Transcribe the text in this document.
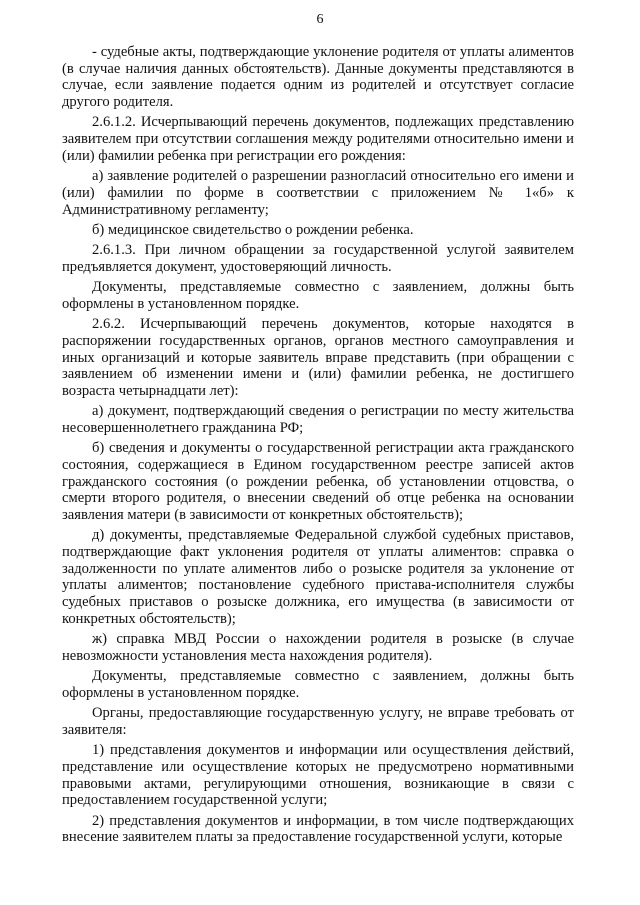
6

- судебные акты, подтверждающие уклонение родителя от уплаты алиментов (в случае наличия данных обстоятельств). Данные документы представляются в случае, если заявление подается одним из родителей и отсутствует согласие другого родителя.

2.6.1.2. Исчерпывающий перечень документов, подлежащих представлению заявителем при отсутствии соглашения между родителями относительно имени и (или) фамилии ребенка при регистрации его рождения:

а) заявление родителей о разрешении разногласий относительно его имени и (или) фамилии по форме в соответствии с приложением № 1«б» к Административному регламенту;

б) медицинское свидетельство о рождении ребенка.

2.6.1.3. При личном обращении за государственной услугой заявителем предъявляется документ, удостоверяющий личность.

Документы, представляемые совместно с заявлением, должны быть оформлены в установленном порядке.

2.6.2. Исчерпывающий перечень документов, которые находятся в распоряжении государственных органов, органов местного самоуправления и иных организаций и которые заявитель вправе представить (при обращении с заявлением об изменении имени и (или) фамилии ребенка, не достигшего возраста четырнадцати лет):

а) документ, подтверждающий сведения о регистрации по месту жительства несовершеннолетнего гражданина РФ;

б) сведения и документы о государственной регистрации акта гражданского состояния, содержащиеся в Едином государственном реестре записей актов гражданского состояния (о рождении ребенка, об установлении отцовства, о смерти второго родителя, о внесении сведений об отце ребенка на основании заявления матери (в зависимости от конкретных обстоятельств);

д) документы, представляемые Федеральной службой судебных приставов, подтверждающие факт уклонения родителя от уплаты алиментов: справка о задолженности по уплате алиментов либо о розыске родителя за уклонение от уплаты алиментов; постановление судебного пристава-исполнителя службы судебных приставов о розыске должника, его имущества (в зависимости от конкретных обстоятельств);

ж) справка МВД России о нахождении родителя в розыске (в случае невозможности установления места нахождения родителя).

Документы, представляемые совместно с заявлением, должны быть оформлены в установленном порядке.

Органы, предоставляющие государственную услугу, не вправе требовать от заявителя:

1) представления документов и информации или осуществления действий, представление или осуществление которых не предусмотрено нормативными правовыми актами, регулирующими отношения, возникающие в связи с предоставлением государственной услуги;

2) представления документов и информации, в том числе подтверждающих внесение заявителем платы за предоставление государственной услуги, которые
